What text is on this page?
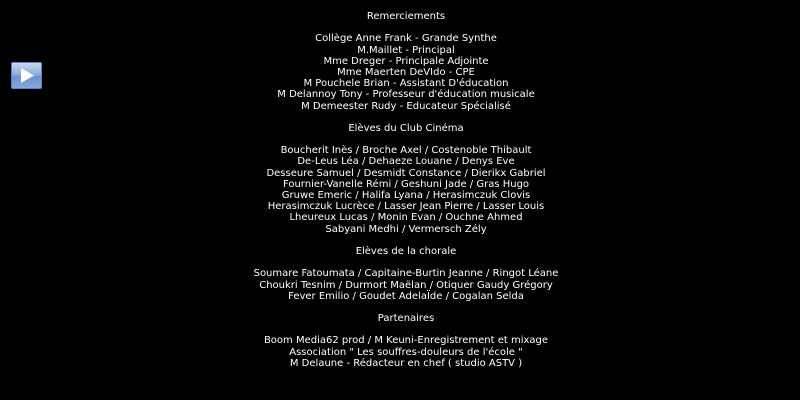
Remerciements
Collège Anne Frank - Grande Synthe
M.Maillet - Principal
Mme Dreger - Principale Adjointe
Mme Maerten DeVIdo - CPE
M Pouchele Brian - Assistant D'éducation
M Delannoy Tony - Professeur d'éducation musicale
M Demeester Rudy - Educateur Spécialisé
Elèves du Club Cinéma
Boucherit Inès / Broche Axel / Costenoble Thibault
De-Leus Léa / Dehaeze Louane / Denys Eve
Desseure Samuel / Desmidt Constance / Dierikx Gabriel
Fournier-Vanelle Rémi / Geshuni Jade / Gras Hugo
Gruwe Emeric / Halifa Lyana / Herasimczuk Clovis
Herasimczuk Lucrèce / Lasser Jean Pierre / Lasser Louis
Lheureux Lucas / Monin Evan / Ouchne Ahmed
Sabyani Medhi / Vermersch Zély
Elèves de la chorale
Soumare Fatoumata / Capitaine-Burtin Jeanne / Ringot Léane
Choukri Tesnim / Durmort Maëlan / Otiquer Gaudy Grégory
Fever Emilio / Goudet AdelaÏde / Cogalan Selda
Partenaires
Boom Media62 prod / M Keuni-Enregistrement et mixage
Association " Les souffres-douleurs de l'école "
M Delaune - Rédacteur en chef ( studio ASTV )
